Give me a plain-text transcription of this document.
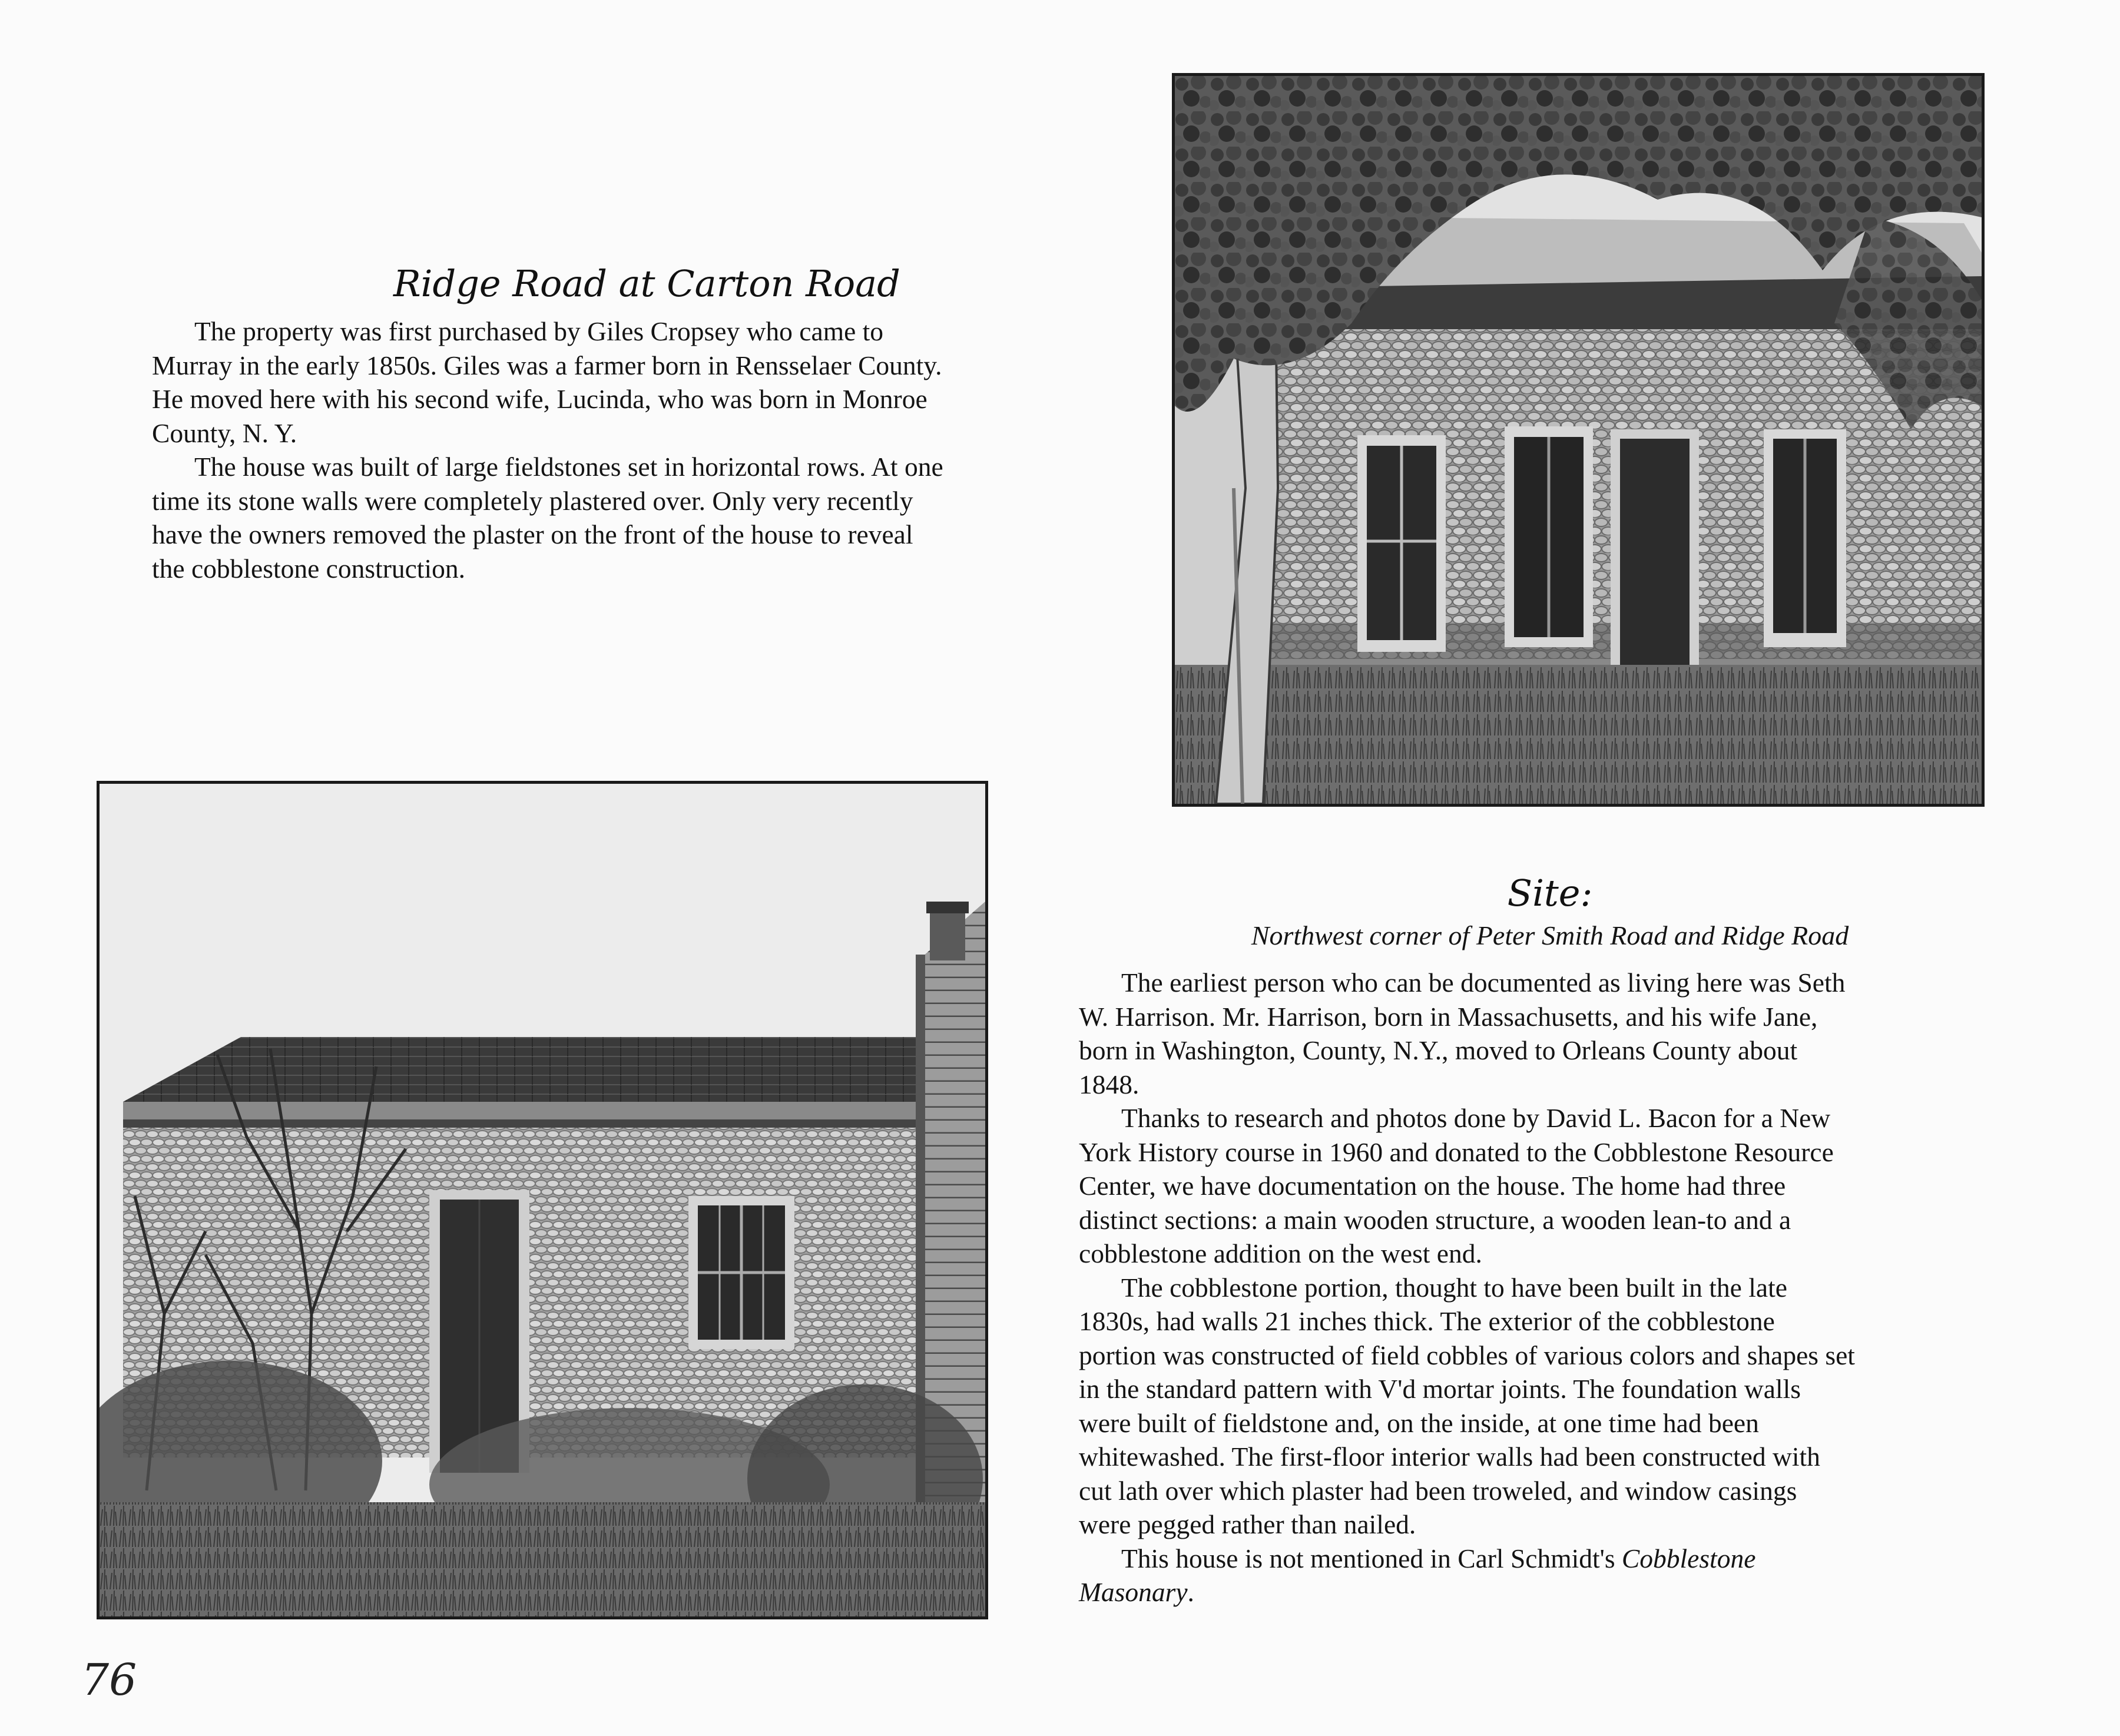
Ridge Road at Carton Road

The property was first purchased by Giles Cropsey who came to
Murray in the early 1850s. Giles was a farmer born in Rensselaer County.
He moved here with his second wife, Lucinda, who was born in Monroe
County, N. Y.

The house was built of large fieldstones set in horizontal rows. At one
time its stone walls were completely plastered over. Only very recently
have the owners removed the plaster on the front of the house to reveal
the cobblestone construction.

Site:
Northwest corner of Peter Smith Road and Ridge Road

The earliest person who can be documented as living here was Seth
W. Harrison. Mr. Harrison, born in Massachusetts, and his wife Jane,
born in Washington, County, N.Y., moved to Orleans County about
1848.

Thanks to research and photos done by David L. Bacon for a New
York History course in 1960 and donated to the Cobblestone Resource
Center, we have documentation on the house. The home had three
distinct sections: a main wooden structure, a wooden lean-to and a
cobblestone addition on the west end.

The cobblestone portion, thought to have been built in the late
1830s, had walls 21 inches thick. The exterior of the cobblestone
portion was constructed of field cobbles of various colors and shapes set
in the standard pattern with V'd mortar joints. The foundation walls
were built of fieldstone and, on the inside, at one time had been
whitewashed. The first-floor interior walls had been constructed with
cut lath over which plaster had been troweled, and window casings
were pegged rather than nailed.

This house is not mentioned in Carl Schmidt's Cobblestone
Masonary.

76
